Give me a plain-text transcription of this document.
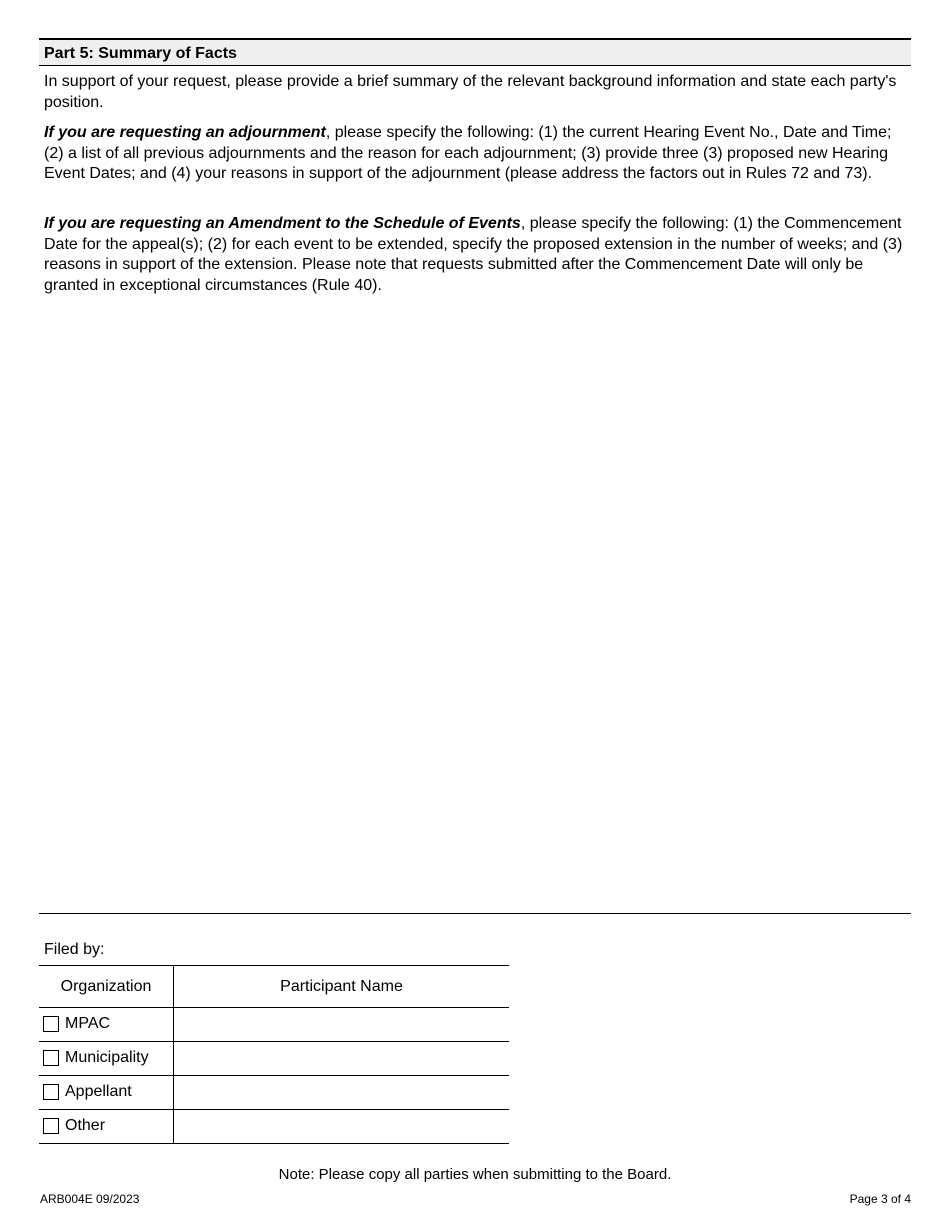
Part 5: Summary of Facts

In support of your request, please provide a brief summary of the relevant background information and state each party's position.

If you are requesting an adjournment, please specify the following: (1) the current Hearing Event No., Date and Time; (2) a list of all previous adjournments and the reason for each adjournment; (3) provide three (3) proposed new Hearing Event Dates; and (4) your reasons in support of the adjournment (please address the factors out in Rules 72 and 73).

If you are requesting an Amendment to the Schedule of Events, please specify the following: (1) the Commencement Date for the appeal(s); (2) for each event to be extended, specify the proposed extension in the number of weeks; and (3) reasons in support of the extension. Please note that requests submitted after the Commencement Date will only be granted in exceptional circumstances (Rule 40).

Filed by:
Organization	Participant Name
MPAC	
Municipality	
Appellant	
Other	
Note: Please copy all parties when submitting to the Board.
ARB004E 09/2023	Page 3 of 4
